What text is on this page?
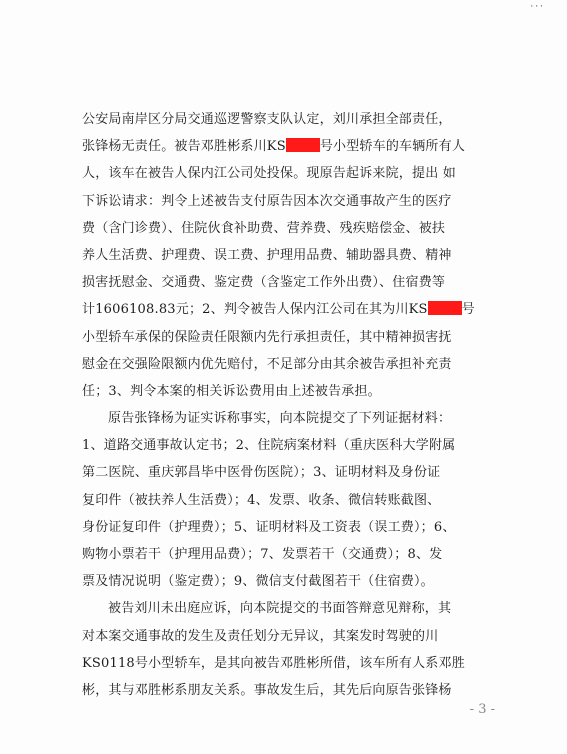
···
公安局南岸区分局交通巡逻警察支队认定，刘川承担全部责任，
张锋杨无责任。被告邓胜彬系川KS	号小型轿车的车辆所有人
人，该车在被告人保内江公司处投保。现原告起诉来院，提出 如
下诉讼请求：判令上述被告支付原告因本次交通事故产生的医疗
费（含门诊费）、住院伙食补助费、营养费、残疾赔偿金、被扶
养人生活费、护理费、误工费、护理用品费、辅助器具费、精神
损害抚慰金、交通费、鉴定费（含鉴定工作外出费）、住宿费等
计1606108.83元；2、判令被告人保内江公司在其为川KS	号
小型轿车承保的保险责任限额内先行承担责任，其中精神损害抚
慰金在交强险限额内优先赔付，不足部分由其余被告承担补充责
任；3、判令本案的相关诉讼费用由上述被告承担。
原告张锋杨为证实诉称事实，向本院提交了下列证据材料：
1、道路交通事故认定书；2、住院病案材料（重庆医科大学附属
第二医院、重庆郭昌毕中医骨伤医院）；3、证明材料及身份证
复印件（被扶养人生活费）；4、发票、收条、微信转账截图、
身份证复印件（护理费）；5、证明材料及工资表（误工费）；6、
购物小票若干（护理用品费）；7、发票若干（交通费）；8、发
票及情况说明（鉴定费）；9、微信支付截图若干（住宿费）。
被告刘川未出庭应诉，向本院提交的书面答辩意见辩称，其
对本案交通事故的发生及责任划分无异议，其案发时驾驶的川
KS0118号小型轿车，是其向被告邓胜彬所借，该车所有人系邓胜
彬，其与邓胜彬系朋友关系。事故发生后，其先后向原告张锋杨
- 3 -
